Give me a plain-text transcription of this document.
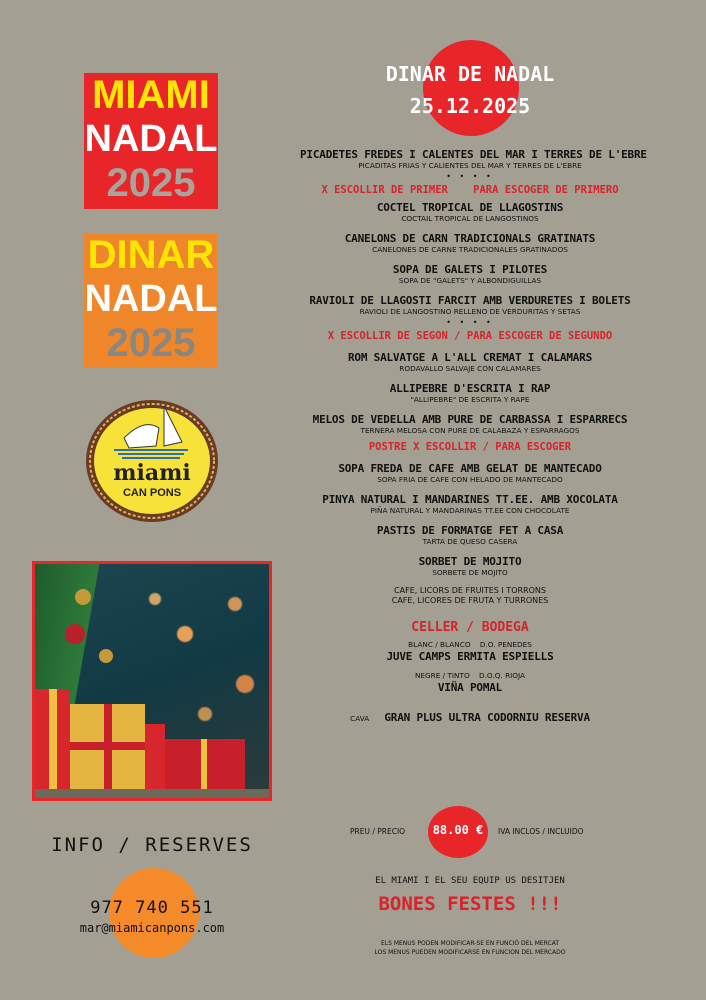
MIAMI
NADAL
2025
DINAR
NADAL
2025
miami
CAN PONS
INFO / RESERVES
977 740 551
mar@miamicanpons.com
DINAR DE NADAL
25.12.2025
PICADETES FREDES I CALENTES DEL MAR I TERRES DE L'EBRE
PICADITAS FRIAS Y CALIENTES DEL MAR Y TERRES DE L'EBRE
• • • •
X ESCOLLIR DE PRIMER    PARA ESCOGER DE PRIMERO
COCTEL TROPICAL DE LLAGOSTINS
COCTAIL TROPICAL DE LANGOSTINOS
CANELONS DE CARN TRADICIONALS GRATINATS
CANELONES DE CARNE TRADICIONALES GRATINADOS
SOPA DE GALETS I PILOTES
SOPA DE "GALETS" Y ALBONDIGUILLAS
RAVIOLI DE LLAGOSTI FARCIT AMB VERDURETES I BOLETS
RAVIOLI DE LANGOSTINO RELLENO DE VERDURITAS Y SETAS
• • • •
X ESCOLLIR DE SEGON / PARA ESCOGER DE SEGUNDO
ROM SALVATGE A L'ALL CREMAT I CALAMARS
RODAVALLO SALVAJE CON CALAMARES
ALLIPEBRE D'ESCRITA I RAP
"ALLIPEBRE" DE ESCRITA Y RAPE
MELOS DE VEDELLA AMB PURE DE CARBASSA I ESPARRECS
TERNERA MELOSA CON PURE DE CALABAZA Y ESPARRAGOS
POSTRE X ESCOLLIR / PARA ESCOGER
SOPA FREDA DE CAFE AMB GELAT DE MANTECADO
SOPA FRIA DE CAFE CON HELADO DE MANTECADO
PINYA NATURAL I MANDARINES TT.EE. AMB XOCOLATA
PIÑA NATURAL Y MANDARINAS TT.EE CON CHOCOLATE
PASTIS DE FORMATGE FET A CASA
TARTA DE QUESO CASERA
SORBET DE MOJITO
SORBETE DE MOJITO
CAFE, LICORS DE FRUITES I TORRONS
CAFE, LICORES DE FRUTA Y TURRONES
CELLER / BODEGA
BLANC / BLANCO    D.O. PENEDES
JUVE CAMPS ERMITA ESPIELLS
NEGRE / TINTO    D.O.Q. RIOJA
VIÑA POMAL
CAVA GRAN PLUS ULTRA CODORNIU RESERVA
PREU / PRECIO	88.00 €	IVA INCLOS / INCLUIDO
EL MIAMI I EL SEU EQUIP US DESITJEN
BONES FESTES !!!
ELS MENUS PODEN MODIFICAR-SE EN FUNCIÓ DEL MERCAT
LOS MENUS PUEDEN MODIFICARSE EN FUNCION DEL MERCADO
